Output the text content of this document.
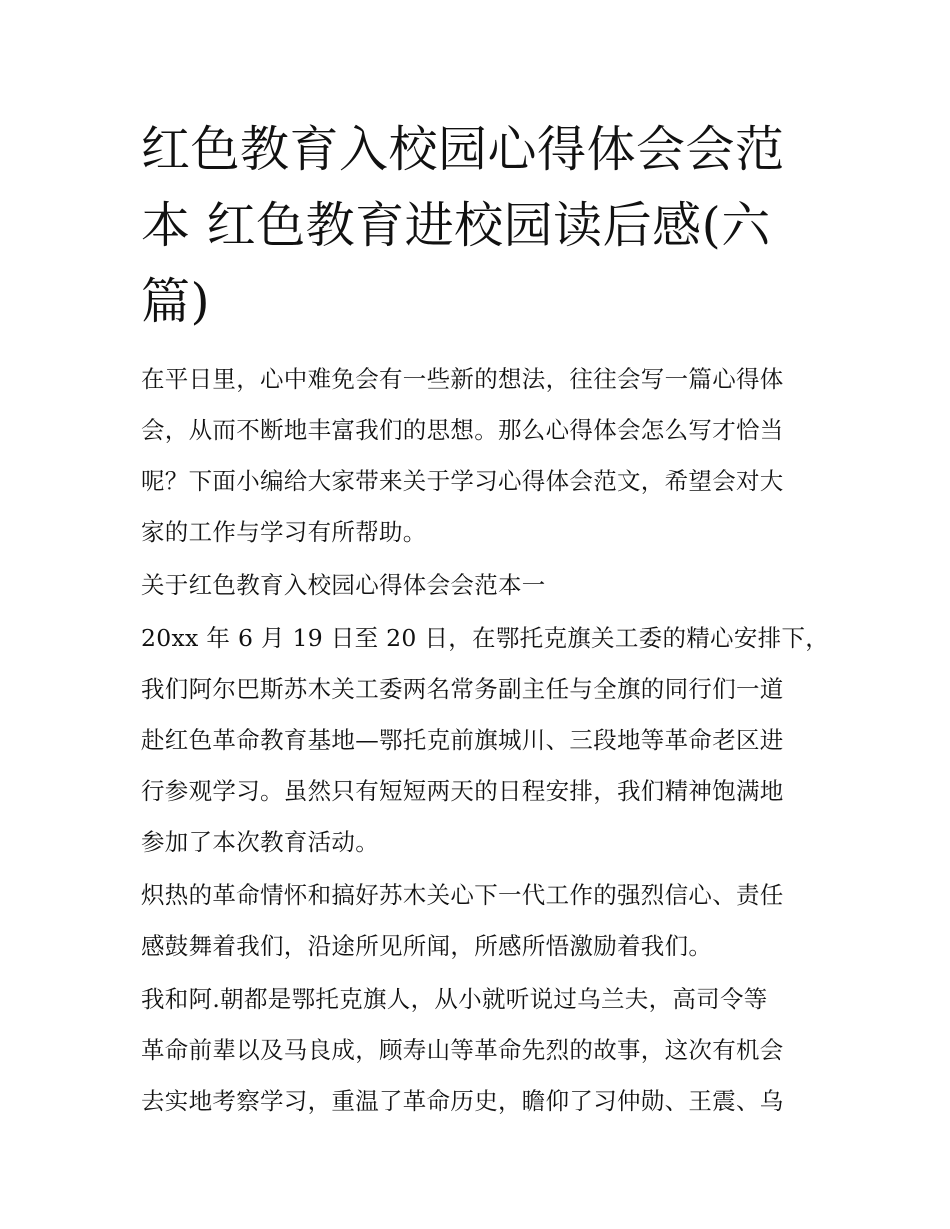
红色教育入校园心得体会会范
本 红色教育进校园读后感(六
篇)

在平日里，心中难免会有一些新的想法，往往会写一篇心得体
会，从而不断地丰富我们的思想。那么心得体会怎么写才恰当
呢？下面小编给大家带来关于学习心得体会范文，希望会对大
家的工作与学习有所帮助。

关于红色教育入校园心得体会会范本一

20xx 年 6 月 19 日至 20 日，在鄂托克旗关工委的精心安排下，
我们阿尔巴斯苏木关工委两名常务副主任与全旗的同行们一道
赴红色革命教育基地—鄂托克前旗城川、三段地等革命老区进
行参观学习。虽然只有短短两天的日程安排，我们精神饱满地
参加了本次教育活动。

炽热的革命情怀和搞好苏木关心下一代工作的强烈信心、责任
感鼓舞着我们，沿途所见所闻，所感所悟激励着我们。

我和阿.朝都是鄂托克旗人，从小就听说过乌兰夫，高司令等
革命前辈以及马良成，顾寿山等革命先烈的故事，这次有机会
去实地考察学习，重温了革命历史，瞻仰了习仲勋、王震、乌
